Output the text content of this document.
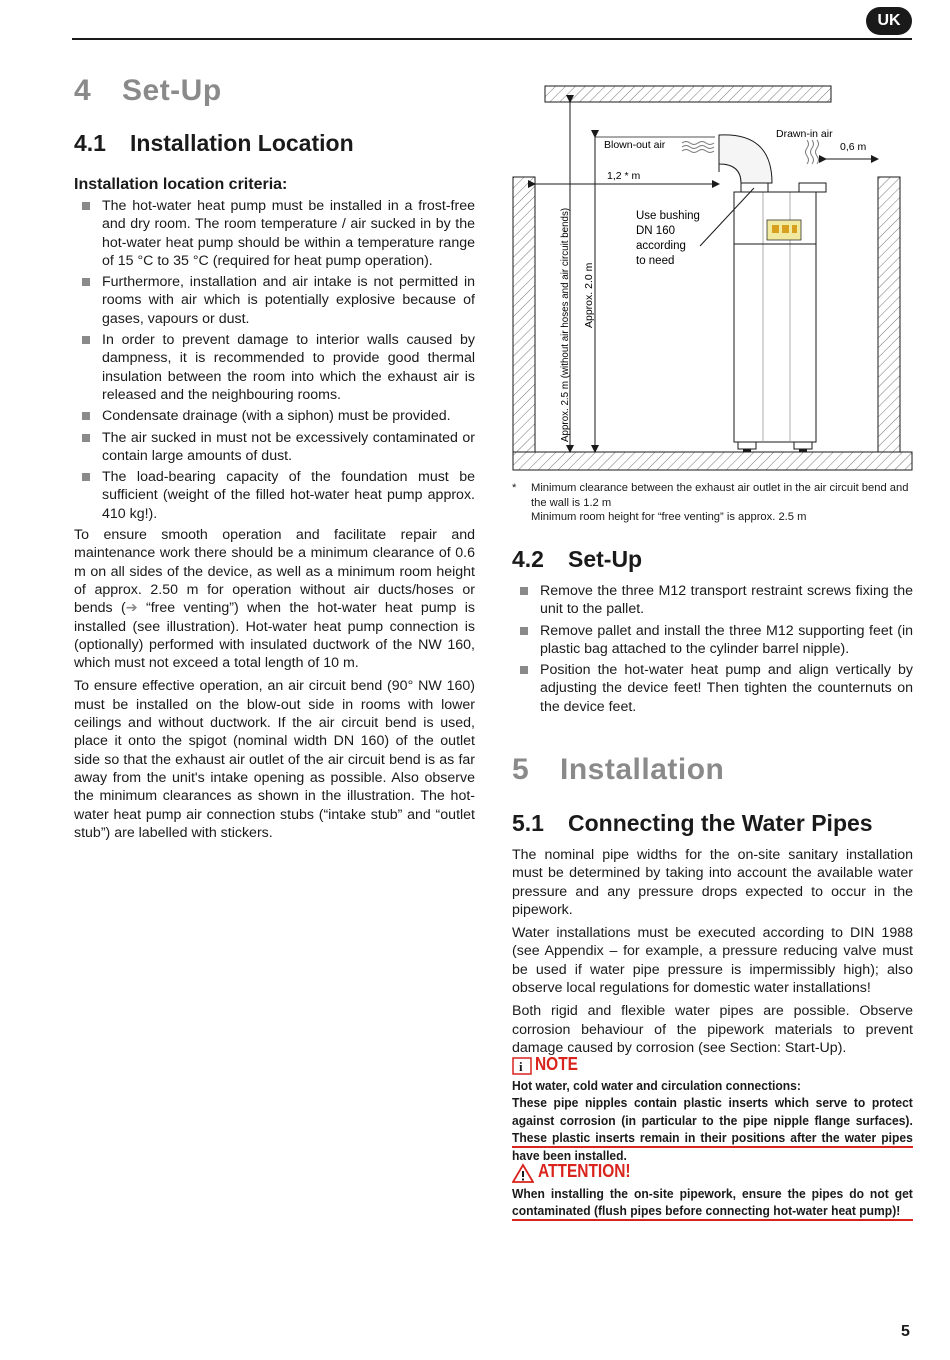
UK
4 Set-Up
4.1 Installation Location
Installation location criteria:
The hot-water heat pump must be installed in a frost-free and dry room. The room temperature / air sucked in by the hot-water heat pump should be within a temperature range of 15 °C to 35 °C (required for heat pump operation).
Furthermore, installation and air intake is not permitted in rooms with air which is potentially explosive because of gases, vapours or dust.
In order to prevent damage to interior walls caused by dampness, it is recommended to provide good thermal insulation between the room into which the exhaust air is released and the neighbouring rooms.
Condensate drainage (with a siphon) must be provided.
The air sucked in must not be excessively contaminated or contain large amounts of dust.
The load-bearing capacity of the foundation must be sufficient (weight of the filled hot-water heat pump approx. 410 kg!).

To ensure smooth operation and facilitate repair and maintenance work there should be a minimum clearance of 0.6 m on all sides of the device, as well as a minimum room height of approx. 2.50 m for operation without air ducts/hoses or bends (➔ “free venting”) when the hot-water heat pump is installed (see illustration). Hot-water heat pump connection is (optionally) performed with insulated ductwork of the NW 160, which must not exceed a total length of 10 m.

To ensure effective operation, an air circuit bend (90° NW 160) must be installed on the blow-out side in rooms with lower ceilings and without ductwork. If the air circuit bend is used, place it onto the spigot (nominal width DN 160) of the outlet side so that the exhaust air outlet of the air circuit bend is as far away from the unit's intake opening as possible. Also observe the minimum clearances as shown in the illustration. The hot-water heat pump air connection stubs (“intake stub” and “outlet stub”) are labelled with stickers.

Blown-out air
Drawn-in air
0,6 m
1,2 * m
Use bushing DN 160 according to need
Approx. 2.5 m (without air hoses and air circuit bends) Approx. 2.0 m
*	Minimum clearance between the exhaust air outlet in the air circuit bend and the wall is 1.2 m
Minimum room height for “free venting” is approx. 2.5 m
4.2 Set-Up
Remove the three M12 transport restraint screws fixing the unit to the pallet.
Remove pallet and install the three M12 supporting feet (in plastic bag attached to the cylinder barrel nipple).
Position the hot-water heat pump and align vertically by adjusting the device feet! Then tighten the counternuts on the device feet.
5 Installation
5.1 Connecting the Water Pipes

The nominal pipe widths for the on-site sanitary installation must be determined by taking into account the available water pressure and any pressure drops expected to occur in the pipework.

Water installations must be executed according to DIN 1988 (see Appendix – for example, a pressure reducing valve must be used if water pipe pressure is impermissibly high); also observe local regulations for domestic water installations!

Both rigid and flexible water pipes are possible. Observe corrosion behaviour of the pipework materials to prevent damage caused by corrosion (see Section: Start-Up).

i NOTE
Hot water, cold water and circulation connections:
These pipe nipples contain plastic inserts which serve to protect against corrosion (in particular to the pipe nipple flange surfaces). These plastic inserts remain in their positions after the water pipes have been installed.
ATTENTION!
When installing the on-site pipework, ensure the pipes do not get contaminated (flush pipes before connecting hot-water heat pump)!
5
